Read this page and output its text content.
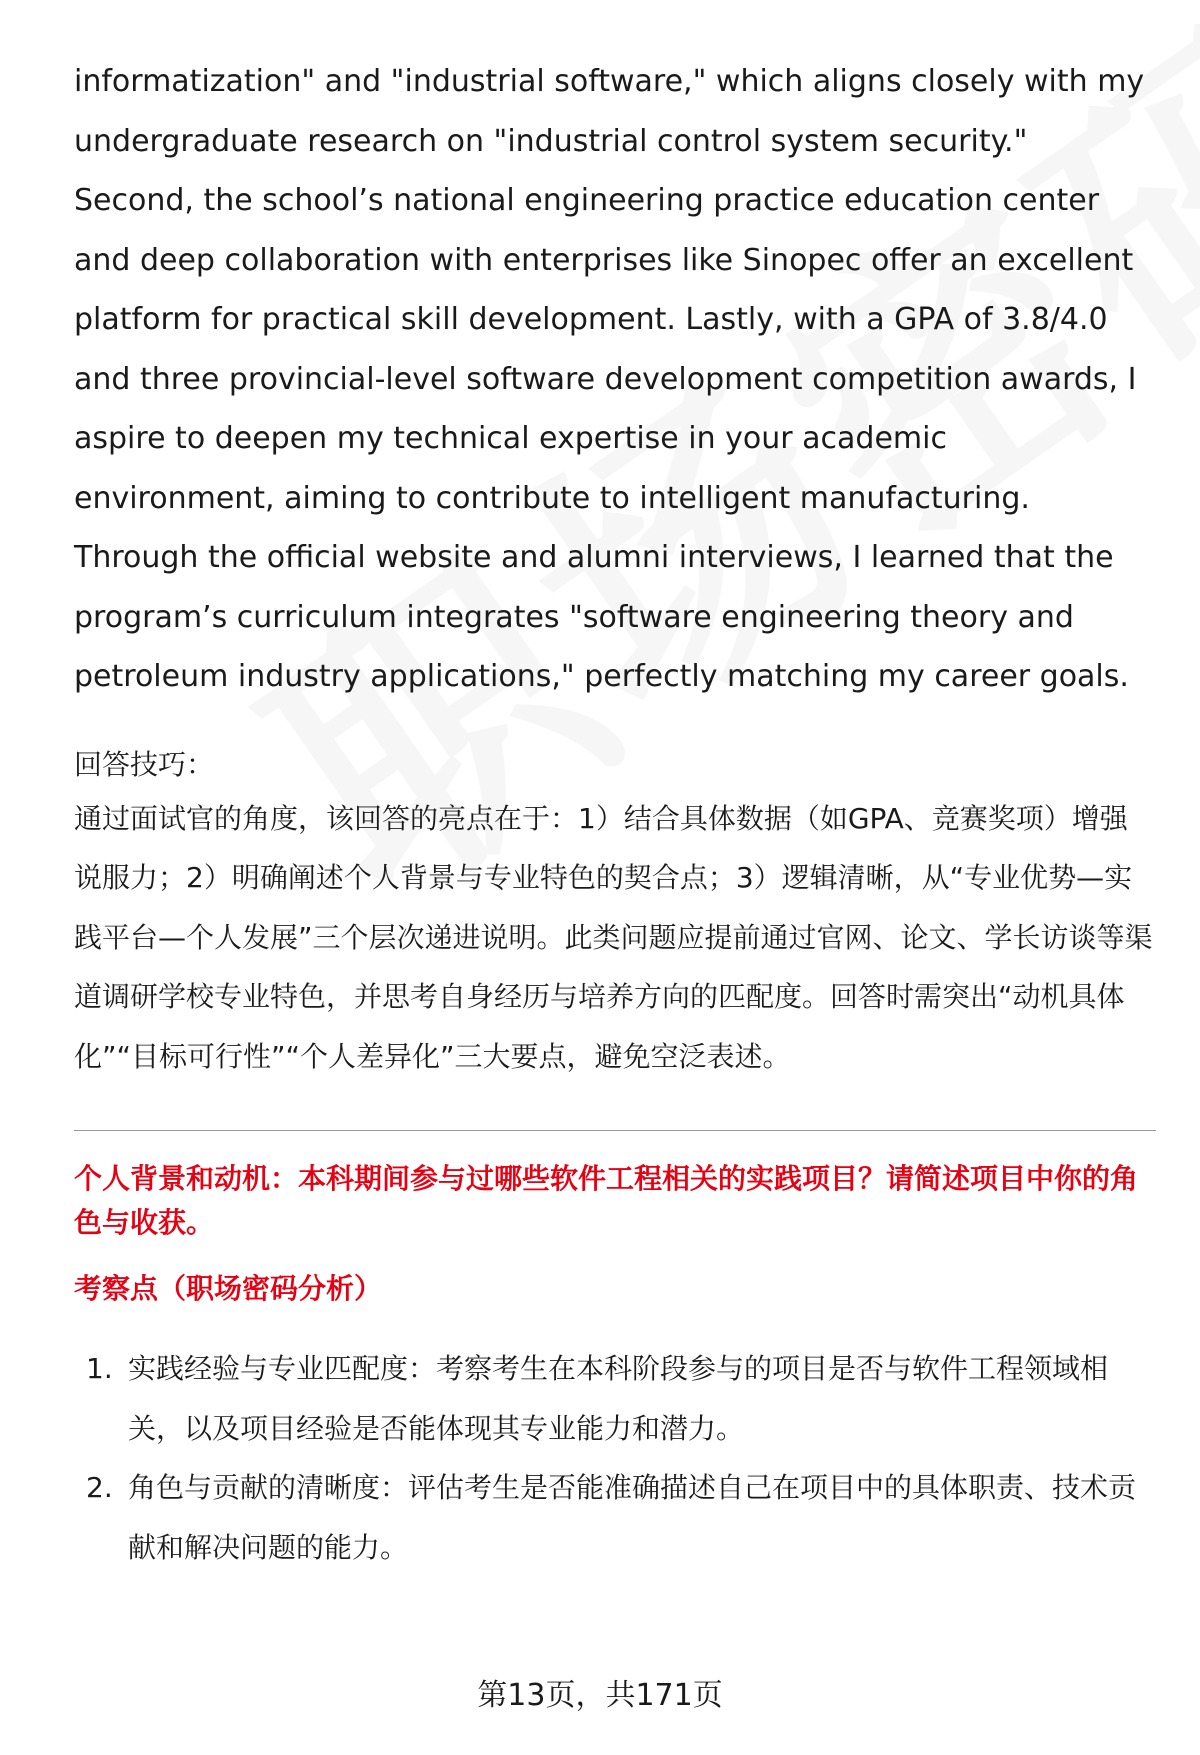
informatization" and "industrial software," which aligns closely with my undergraduate research on "industrial control system security." Second, the school’s national engineering practice education center and deep collaboration with enterprises like Sinopec offer an excellent platform for practical skill development. Lastly, with a GPA of 3.8/4.0 and three provincial-level software development competition awards, I aspire to deepen my technical expertise in your academic environment, aiming to contribute to intelligent manufacturing. Through the official website and alumni interviews, I learned that the program’s curriculum integrates "software engineering theory and petroleum industry applications," perfectly matching my career goals.

回答技巧：

通过面试官的角度，该回答的亮点在于：1）结合具体数据（如GPA、竞赛奖项）增强说服力；2）明确阐述个人背景与专业特色的契合点；3）逻辑清晰，从“专业优势—实践平台—个人发展”三个层次递进说明。此类问题应提前通过官网、论文、学长访谈等渠道调研学校专业特色，并思考自身经历与培养方向的匹配度。回答时需突出“动机具体化”“目标可行性”“个人差异化”三大要点，避免空泛表述。

个人背景和动机：本科期间参与过哪些软件工程相关的实践项目？请简述项目中你的角色与收获。

考察点（职场密码分析）

1. 实践经验与专业匹配度：考察考生在本科阶段参与的项目是否与软件工程领域相关，以及项目经验是否能体现其专业能力和潜力。
2. 角色与贡献的清晰度：评估考生是否能准确描述自己在项目中的具体职责、技术贡献和解决问题的能力。
第13页，共171页
